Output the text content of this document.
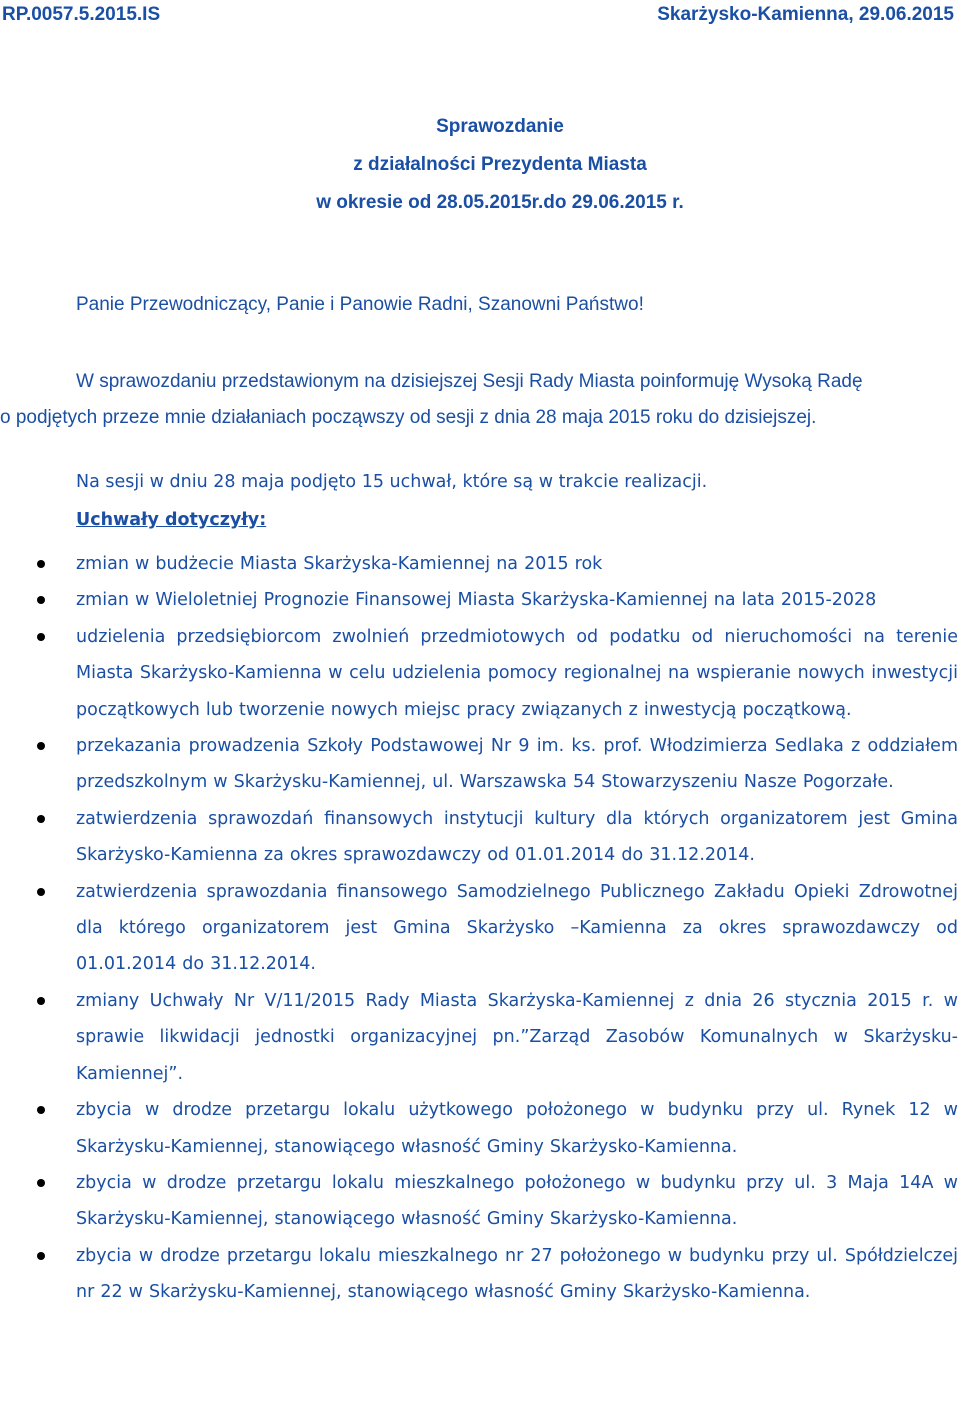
RP.0057.5.2015.IS	Skarżysko-Kamienna, 29.06.2015
Sprawozdanie
z działalności Prezydenta Miasta
w okresie od 28.05.2015r.do 29.06.2015 r.
Panie Przewodniczący, Panie i Panowie Radni, Szanowni Państwo!
W sprawozdaniu przedstawionym na dzisiejszej Sesji Rady Miasta poinformuję Wysoką Radę
o podjętych przeze mnie działaniach począwszy od sesji z dnia 28 maja 2015 roku do dzisiejszej.
Na sesji w dniu 28 maja podjęto 15 uchwał, które są w trakcie realizacji.
Uchwały dotyczyły:
zmian w budżecie Miasta Skarżyska-Kamiennej na 2015 rok
zmian w Wieloletniej Prognozie Finansowej Miasta Skarżyska-Kamiennej na lata 2015-2028
udzielenia przedsiębiorcom zwolnień przedmiotowych od podatku od nieruchomości na terenie Miasta Skarżysko-Kamienna w celu udzielenia pomocy regionalnej na wspieranie nowych inwestycji początkowych lub tworzenie nowych miejsc pracy związanych z inwestycją początkową.
przekazania prowadzenia Szkoły Podstawowej Nr 9 im. ks. prof. Włodzimierza Sedlaka z oddziałem przedszkolnym w Skarżysku-Kamiennej, ul. Warszawska 54 Stowarzyszeniu Nasze Pogorzałe.
zatwierdzenia sprawozdań finansowych instytucji kultury dla których organizatorem jest Gmina Skarżysko-Kamienna za okres sprawozdawczy od 01.01.2014 do 31.12.2014.
zatwierdzenia sprawozdania finansowego Samodzielnego Publicznego Zakładu Opieki Zdrowotnej dla którego organizatorem jest Gmina Skarżysko –Kamienna za okres sprawozdawczy od 01.01.2014 do 31.12.2014.
zmiany Uchwały Nr V/11/2015 Rady Miasta Skarżyska-Kamiennej z dnia 26 stycznia 2015 r. w sprawie likwidacji jednostki organizacyjnej pn.”Zarząd Zasobów Komunalnych w Skarżysku-Kamiennej”.
zbycia w drodze przetargu lokalu użytkowego położonego w budynku przy ul. Rynek 12 w Skarżysku-Kamiennej, stanowiącego własność Gminy Skarżysko-Kamienna.
zbycia w drodze przetargu lokalu mieszkalnego położonego w budynku przy ul. 3 Maja 14A w Skarżysku-Kamiennej, stanowiącego własność Gminy Skarżysko-Kamienna.
zbycia w drodze przetargu lokalu mieszkalnego nr 27 położonego w budynku przy ul. Spółdzielczej nr 22 w Skarżysku-Kamiennej, stanowiącego własność Gminy Skarżysko-Kamienna.
